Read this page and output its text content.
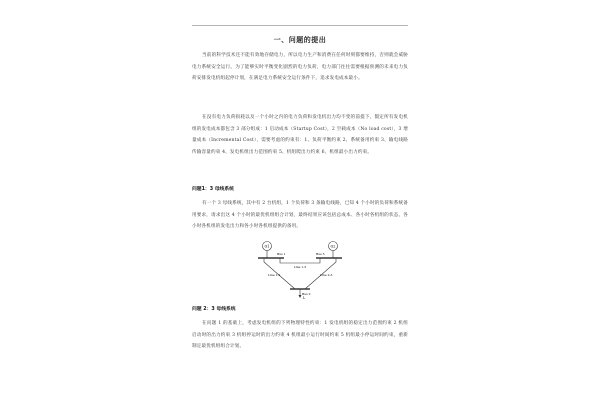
一、问题的提出
当前的科学技术还不能有效地存储电力，所以电力生产和消费在任何时刻都要维持，否则就会威胁电力系统安全运行。为了能够实时平衡变化剧烈的电力负荷，电力部门往往需要根据预测的未来电力负荷安排发电机组起停计划，在满足电力系统安全运行条件下，追求发电成本最小。
在没有电力负荷损耗以及一个小时之内的电力负荷和发电机出力均不变的前提下，假定所有发电机组的发电成本都包含 3 部分组成：1 启动成本（Startup Cost），2 空载成本（No load cost），3 增量成本（Incremental Cost），需要考虑的约束有：1、负荷平衡约束 2、系统备用约束 3、输电线路传输容量约束 4、发电机组出力范围约束 5、机组爬出力约束 6、机组最小出力约束。
问题1：3 母线系统
有一个 3 母线系统，其中有 2 台机组，1 个负荷和 3 条输电线路，已知 4 个小时的负荷和系统备用要求，请求出这 4 个小时的最优机组组合计划，最终结果应该包括总成本、各小时各机组的状态、各小时各机组的发电出力和各小时各机组提供的备用。
问题 2：3 母线系统
在问题 1 的基础上，考虑发电机组的下列物理特性约束：1 发电机组的稳定出力范围约束 2 机组启动时的出力约束 3 机组停运时的出力约束 4 机组最小运行时间约束 5 机组最小停运时间约束，重新制定最优机组组合计划。
G1	G2
Bus 1	Bus 3
Bus 2
Line 1-3
Line 1-2	Line 2-3
L
